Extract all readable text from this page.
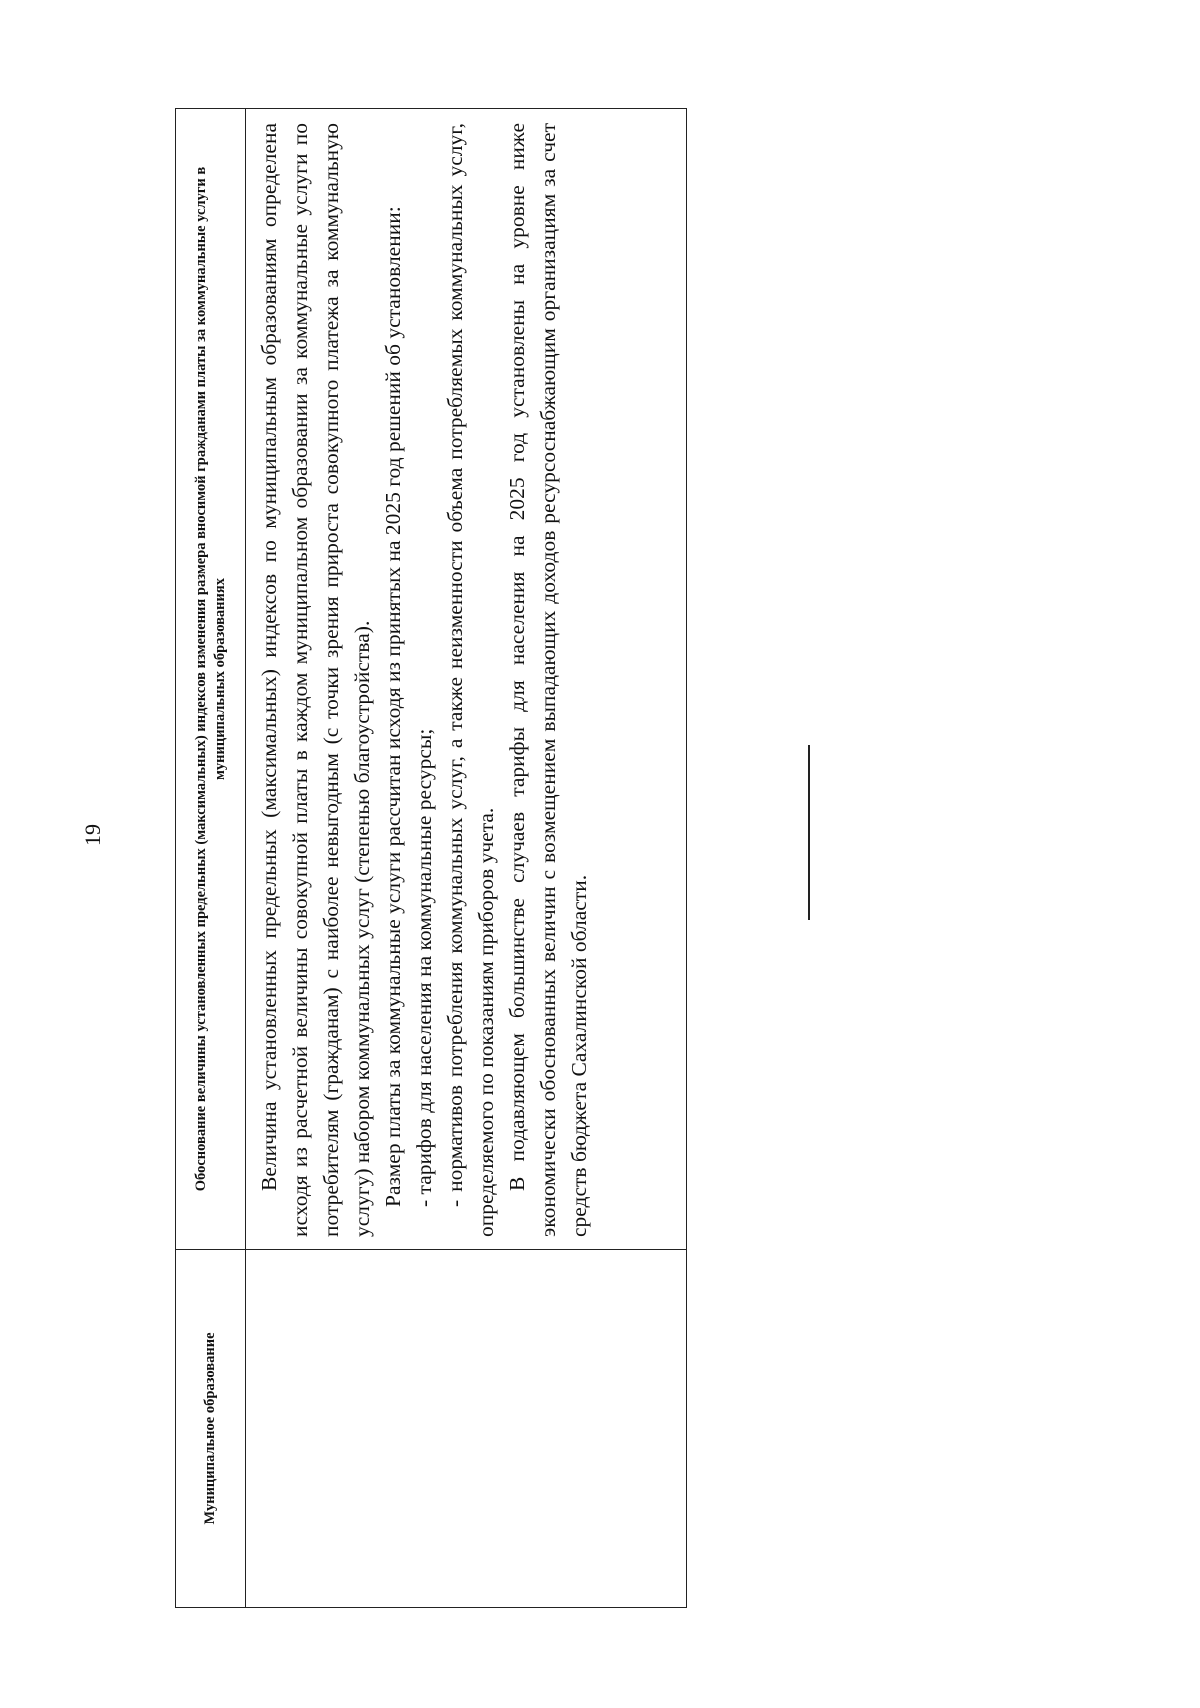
19
Муниципальное образование
Обоснование величины установленных предельных (максимальных) индексов изменения размера вносимой гражданами платы за коммунальные услуги в муниципальных образованиях	Величина установленных предельных (максимальных) индексов по муниципальным образованиям определена исходя из расчетной величины совокупной платы в каждом муниципальном образовании за коммунальные услуги по потребителям (гражданам) с наиболее невыгодным (с точки зрения прироста совокупного платежа за коммунальную услугу) набором коммунальных услуг (степенью благоустройства). Размер платы за коммунальные услуги рассчитан исходя из принятых на 2025 год решений об установлении: - тарифов для населения на коммунальные ресурсы; - нормативов потребления коммунальных услуг, а также неизменности объема потребляемых коммунальных услуг, определяемого по показаниям приборов учета. В подавляющем большинстве случаев тарифы для населения на 2025 год установлены на уровне ниже экономически обоснованных величин с возмещением выпадающих доходов ресурсоснабжающим организациям за счет средств бюджета Сахалинской области.
